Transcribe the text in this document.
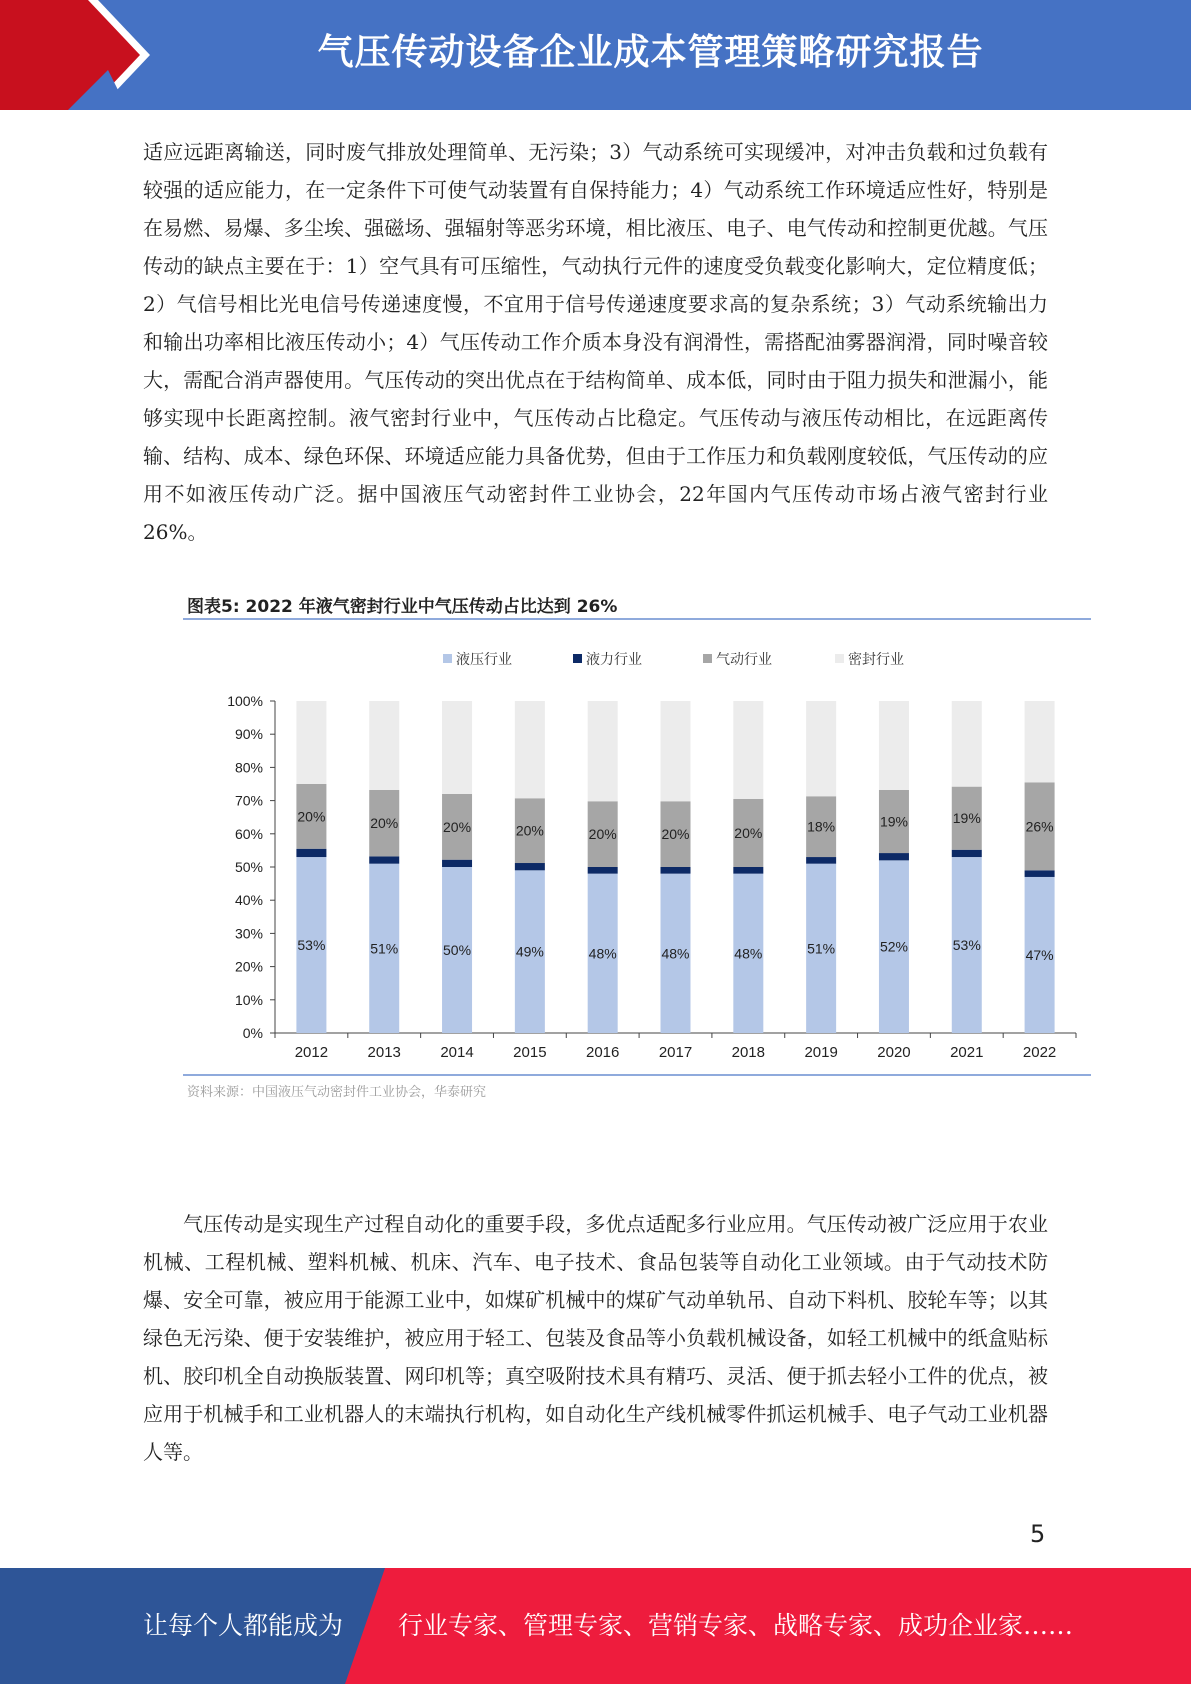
气压传动设备企业成本管理策略研究报告

适应远距离输送，同时废气排放处理简单、无污染；3）气动系统可实现缓冲，对冲击负载和过负载有较强的适应能力，在一定条件下可使气动装置有自保持能力；4）气动系统工作环境适应性好，特别是在易燃、易爆、多尘埃、强磁场、强辐射等恶劣环境，相比液压、电子、电气传动和控制更优越。气压传动的缺点主要在于：1）空气具有可压缩性，气动执行元件的速度受负载变化影响大，定位精度低；2）气信号相比光电信号传递速度慢，不宜用于信号传递速度要求高的复杂系统；3）气动系统输出力和输出功率相比液压传动小；4）气压传动工作介质本身没有润滑性，需搭配油雾器润滑，同时噪音较大，需配合消声器使用。气压传动的突出优点在于结构简单、成本低，同时由于阻力损失和泄漏小，能够实现中长距离控制。液气密封行业中，气压传动占比稳定。气压传动与液压传动相比，在远距离传输、结构、成本、绿色环保、环境适应能力具备优势，但由于工作压力和负载刚度较低，气压传动的应用不如液压传动广泛。据中国液压气动密封件工业协会，22年国内气压传动市场占液气密封行业 26%。

图表5: 2022 年液气密封行业中气压传动占比达到 26%
液压行业	液力行业	气动行业	密封行业
0%
10%
20%
30%
40%
50%
60%
70%
80%
90%
100%
53%
20%
2012
51%
20%
2013
50%
20%
2014
49%
20%
2015
48%
20%
2016
48%
20%
2017
48%
20%
2018
51%
18%
2019
52%
19%
2020
53%
19%
2021
47%
26%
2022
资料来源：中国液压气动密封件工业协会，华泰研究

气压传动是实现生产过程自动化的重要手段，多优点适配多行业应用。气压传动被广泛应用于农业机械、工程机械、塑料机械、机床、汽车、电子技术、食品包装等自动化工业领域。由于气动技术防爆、安全可靠，被应用于能源工业中，如煤矿机械中的煤矿气动单轨吊、自动下料机、胶轮车等；以其绿色无污染、便于安装维护，被应用于轻工、包装及食品等小负载机械设备，如轻工机械中的纸盒贴标机、胶印机全自动换版装置、网印机等；真空吸附技术具有精巧、灵活、便于抓去轻小工件的优点，被应用于机械手和工业机器人的末端执行机构，如自动化生产线机械零件抓运机械手、电子气动工业机器人等。

5
让每个人都能成为 行业专家、管理专家、营销专家、战略专家、成功企业家……
